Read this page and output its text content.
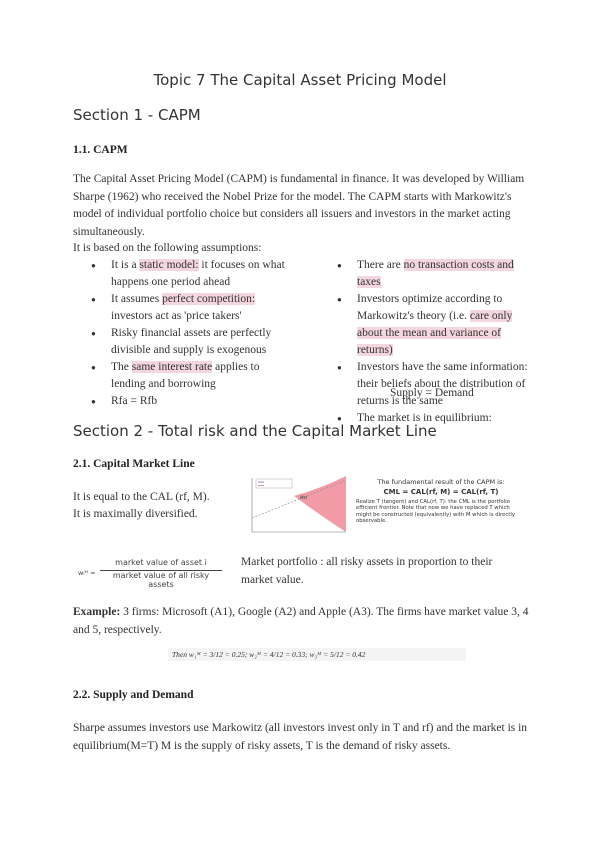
Topic 7 The Capital Asset Pricing Model
Section 1 - CAPM
1.1. CAPM
The Capital Asset Pricing Model (CAPM) is fundamental in finance. It was developed by William Sharpe (1962) who received the Nobel Prize for the model. The CAPM starts with Markowitz's model of individual portfolio choice but considers all issuers and investors in the market acting simultaneously.
It is based on the following assumptions:
● It is a static model: it focuses on what happens one period ahead
● It assumes perfect competition: investors act as 'price takers'
● Risky financial assets are perfectly divisible and supply is exogenous
● The same interest rate applies to lending and borrowing
● Rfa = Rfb
● There are no transaction costs and taxes
● Investors optimize according to Markowitz's theory (i.e. care only about the mean and variance of returns)
● Investors have the same information: their beliefs about the distribution of returns is the same
● The market is in equilibrium:
Supply = Demand
Section 2 - Total risk and the Capital Market Line
2.1. Capital Market Line
It is equal to the CAL (rf, M).
It is maximally diversified.
Mkt
The fundamental result of the CAPM is:
CML = CAL(rf, M) = CAL(rf, T)
Realize T (tangent) and CAL(rf, T): the CML is the portfolio efficient frontier. Note that now we have replaced T which might be constructed (equivalently) with M which is directly observable.
wᵢᴹ =
market value of asset i
market value of all risky assets
Market portfolio : all risky assets in proportion to their market value.
Example: 3 firms: Microsoft (A1), Google (A2) and Apple (A3). The firms have market value 3, 4 and 5, respectively.
Then w₁ᴹ = 3/12 = 0.25; w₂ᴹ = 4/12 = 0.33; w₃ᴹ = 5/12 = 0.42
2.2. Supply and Demand
Sharpe assumes investors use Markowitz (all investors invest only in T and rf) and the market is in equilibrium(M=T) M is the supply of risky assets, T is the demand of risky assets.
